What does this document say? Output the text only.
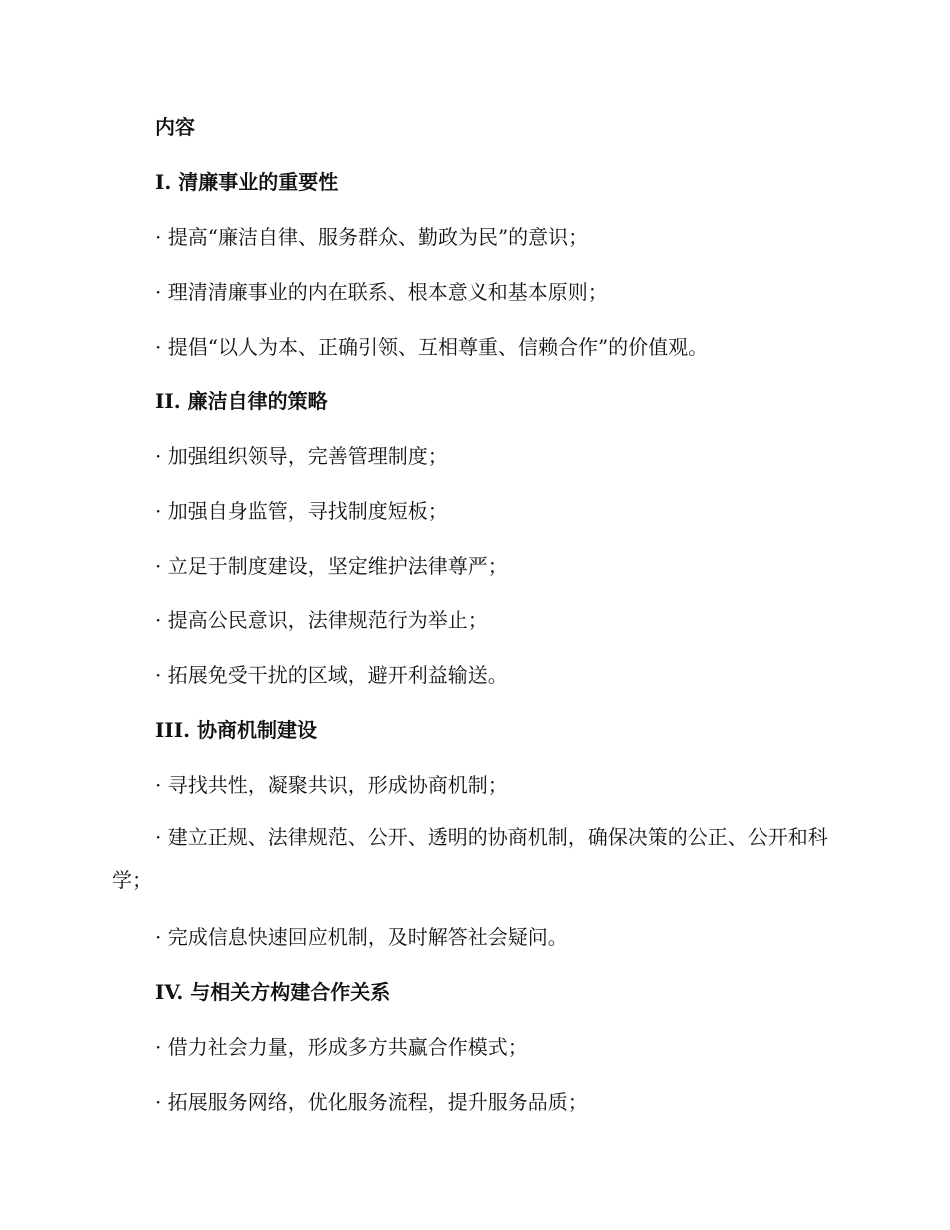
内容
I. 清廉事业的重要性
· 提高“廉洁自律、服务群众、勤政为民”的意识；
· 理清清廉事业的内在联系、根本意义和基本原则；
· 提倡“以人为本、正确引领、互相尊重、信赖合作”的价值观。
II. 廉洁自律的策略
· 加强组织领导，完善管理制度；
· 加强自身监管，寻找制度短板；
· 立足于制度建设，坚定维护法律尊严；
· 提高公民意识，法律规范行为举止；
· 拓展免受干扰的区域，避开利益输送。
III. 协商机制建设
· 寻找共性，凝聚共识，形成协商机制；
· 建立正规、法律规范、公开、透明的协商机制，确保决策的公正、公开和科学；
· 完成信息快速回应机制，及时解答社会疑问。
IV. 与相关方构建合作关系
· 借力社会力量，形成多方共赢合作模式；
· 拓展服务网络，优化服务流程，提升服务品质；
